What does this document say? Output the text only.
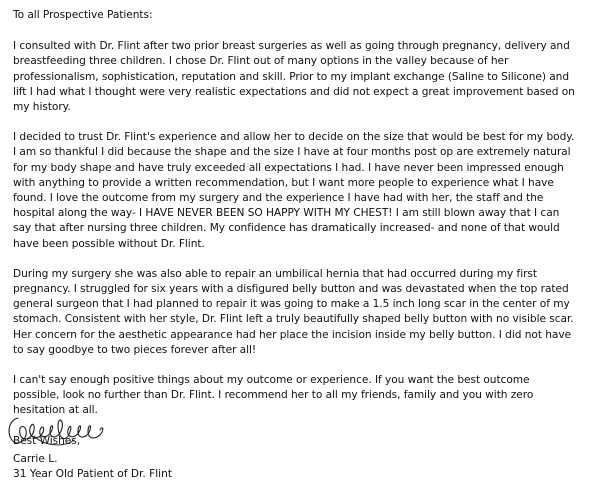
To all Prospective Patients:

I consulted with Dr. Flint after two prior breast surgeries as well as going through pregnancy, delivery and breastfeeding three children. I chose Dr. Flint out of many options in the valley because of her professionalism, sophistication, reputation and skill. Prior to my implant exchange (Saline to Silicone) and lift I had what I thought were very realistic expectations and did not expect a great improvement based on my history.

I decided to trust Dr. Flint's experience and allow her to decide on the size that would be best for my body. I am so thankful I did because the shape and the size I have at four months post op are extremely natural for my body shape and have truly exceeded all expectations I had. I have never been impressed enough with anything to provide a written recommendation, but I want more people to experience what I have found. I love the outcome from my surgery and the experience I have had with her, the staff and the hospital along the way- I HAVE NEVER BEEN SO HAPPY WITH MY CHEST! I am still blown away that I can say that after nursing three children. My confidence has dramatically increased- and none of that would have been possible without Dr. Flint.

During my surgery she was also able to repair an umbilical hernia that had occurred during my first pregnancy. I struggled for six years with a disfigured belly button and was devastated when the top rated general surgeon that I had planned to repair it was going to make a 1.5 inch long scar in the center of my stomach. Consistent with her style, Dr. Flint left a truly beautifully shaped belly button with no visible scar. Her concern for the aesthetic appearance had her place the incision inside my belly button. I did not have to say goodbye to two pieces forever after all!

I can't say enough positive things about my outcome or experience. If you want the best outcome possible, look no further than Dr. Flint. I recommend her to all my friends, family and you with zero hesitation at all.

Best Wishes,

Carrie L.
31 Year Old Patient of Dr. Flint
